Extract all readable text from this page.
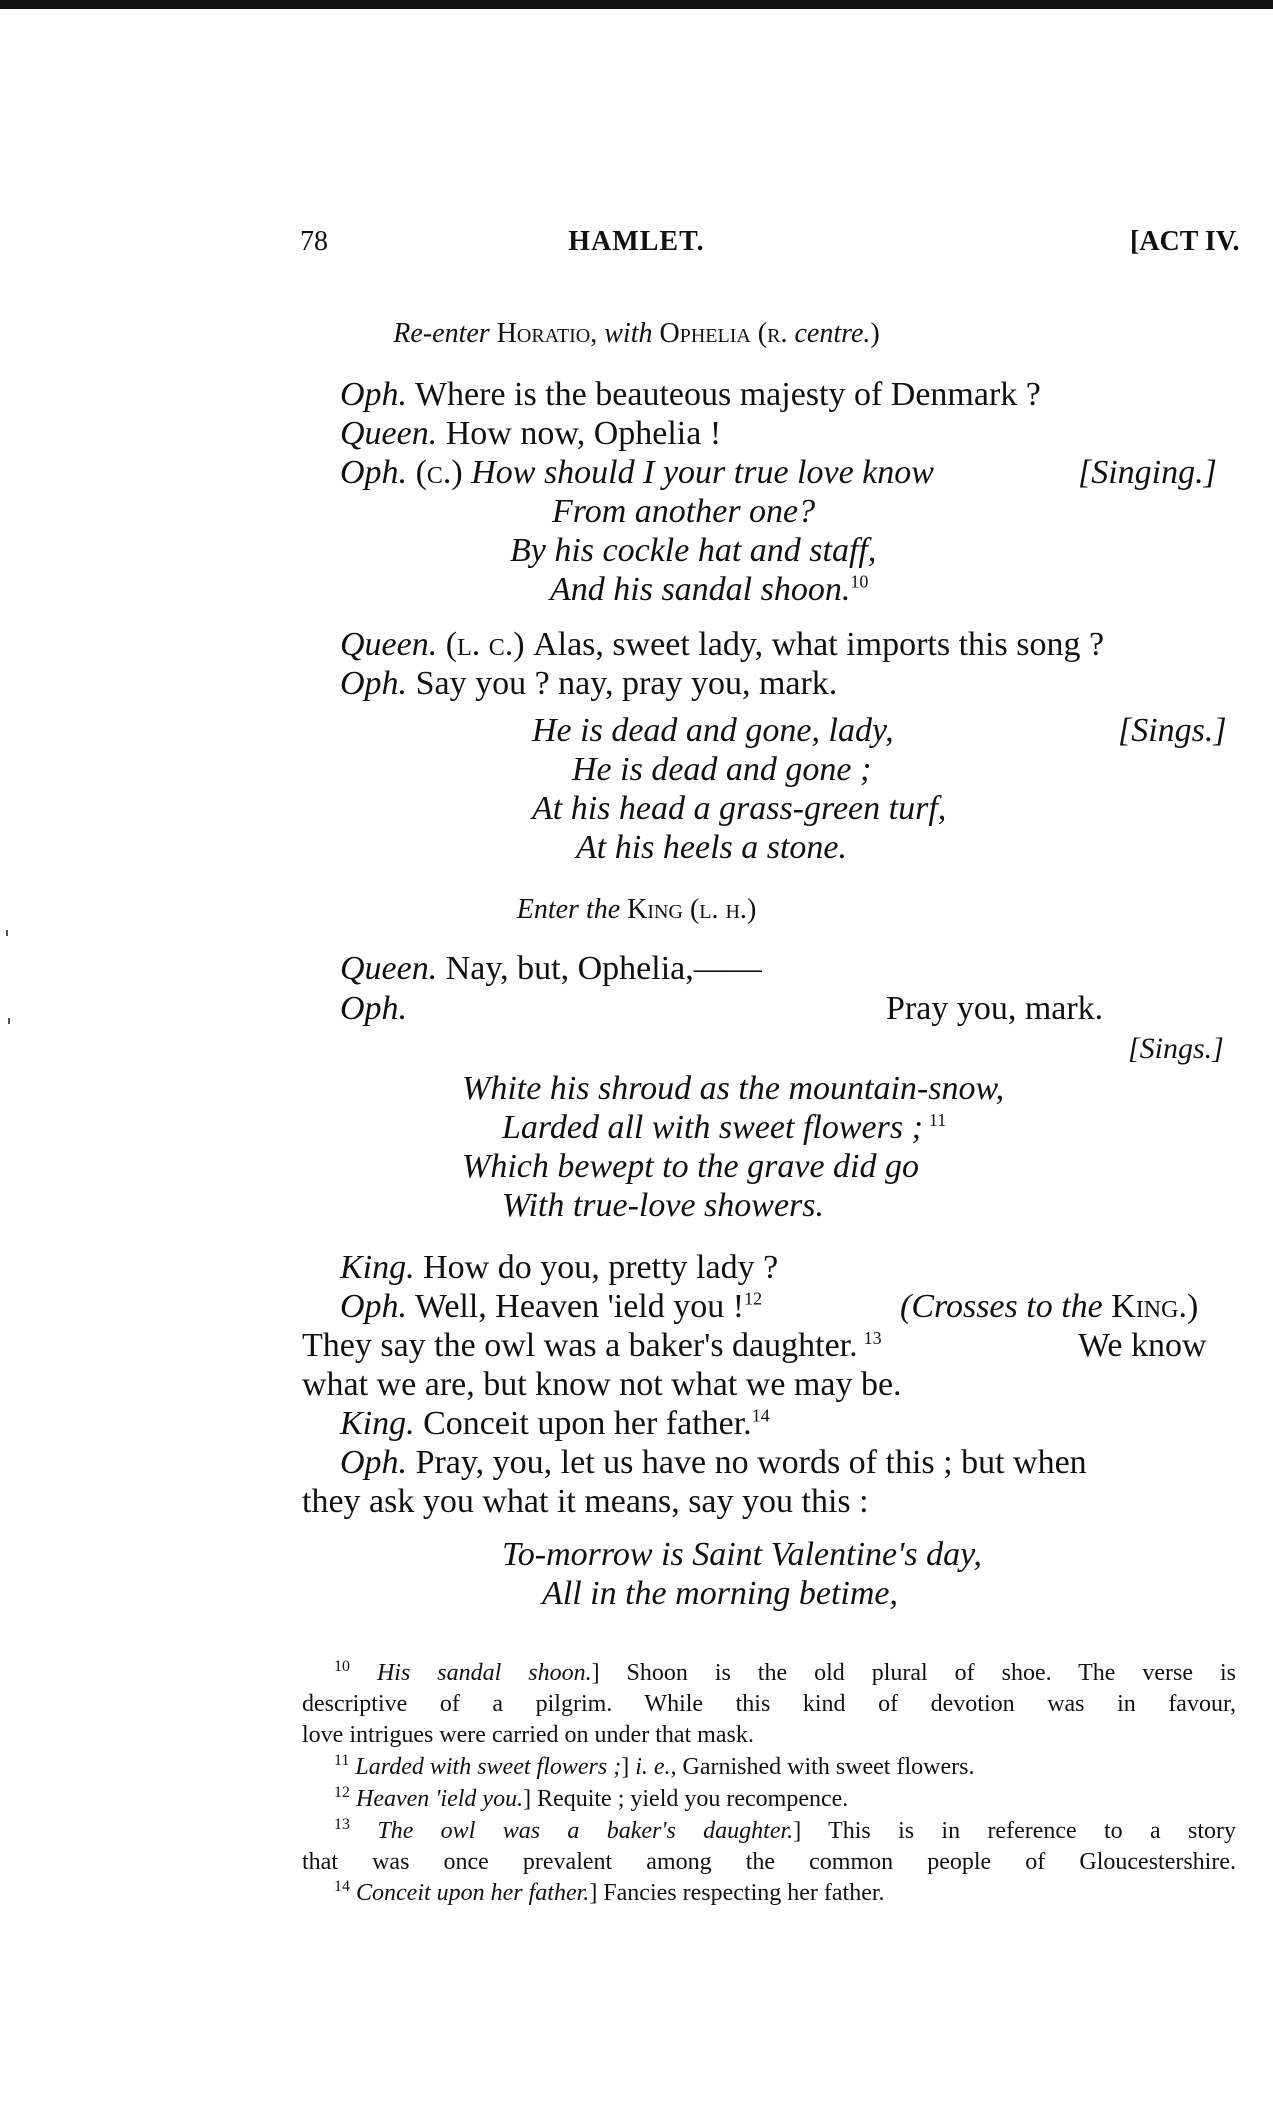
78	HAMLET.	[ACT IV.
Re-enter Horatio, with Ophelia (r. centre.)
Oph. Where is the beauteous majesty of Denmark ?
Queen. How now, Ophelia !
Oph. (c.) How should I your true love know	[Singing.]
From another one?
By his cockle hat and staff,
And his sandal shoon.$^{10}$
Queen. (l. c.) Alas, sweet lady, what imports this song ?
Oph. Say you ? nay, pray you, mark.
He is dead and gone, lady,	[Sings.]
He is dead and gone ;
At his head a grass-green turf,
At his heels a stone.
Enter the King (l. h.)
Queen. Nay, but, Ophelia,——
Oph.	Pray you, mark.
[Sings.]
White his shroud as the mountain-snow,
Larded all with sweet flowers ; $^{11}$
Which bewept to the grave did go
With true-love showers.
King. How do you, pretty lady ?
Oph. Well, Heaven 'ield you !$^{12}$	(Crosses to the King.)
They say the owl was a baker's daughter. $^{13}$	We know
what we are, but know not what we may be.
King. Conceit upon her father.$^{14}$
Oph. Pray, you, let us have no words of this ; but when
they ask you what it means, say you this :
To-morrow is Saint Valentine's day,
All in the morning betime,
$^{10}$ His sandal shoon.] Shoon is the old plural of shoe. The verse is
descriptive of a pilgrim. While this kind of devotion was in favour,
love intrigues were carried on under that mask.
$^{11}$ Larded with sweet flowers ;] i. e., Garnished with sweet flowers.
$^{12}$ Heaven 'ield you.] Requite ; yield you recompence.
$^{13}$ The owl was a baker's daughter.] This is in reference to a story
that was once prevalent among the common people of Gloucestershire.
$^{14}$ Conceit upon her father.] Fancies respecting her father.
